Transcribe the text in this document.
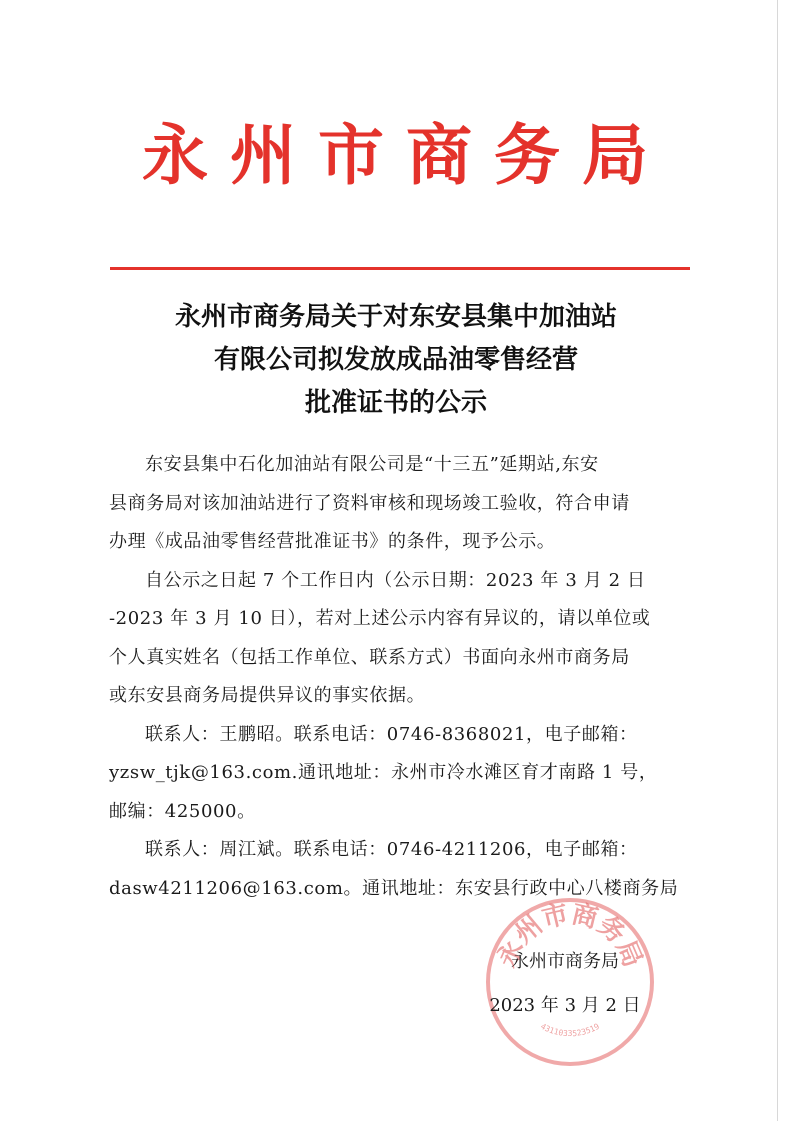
永州市商务局
永州市商务局关于对东安县集中加油站
有限公司拟发放成品油零售经营
批准证书的公示

东安县集中石化加油站有限公司是“十三五”延期站,东安
县商务局对该加油站进行了资料审核和现场竣工验收，符合申请
办理《成品油零售经营批准证书》的条件，现予公示。

自公示之日起 7 个工作日内（公示日期：2023 年 3 月 2 日
-2023 年 3 月 10 日），若对上述公示内容有异议的，请以单位或
个人真实姓名（包括工作单位、联系方式）书面向永州市商务局
或东安县商务局提供异议的事实依据。

联系人：王鹏昭。联系电话：0746-8368021，电子邮箱：
yzsw_tjk@163.com.通讯地址：永州市冷水滩区育才南路 1 号，
邮编：425000。

联系人：周江斌。联系电话：0746-4211206，电子邮箱：
dasw4211206@163.com。通讯地址：东安县行政中心八楼商务局

永州市商务局
4311033523519
永州市商务局
2023 年 3 月 2 日
